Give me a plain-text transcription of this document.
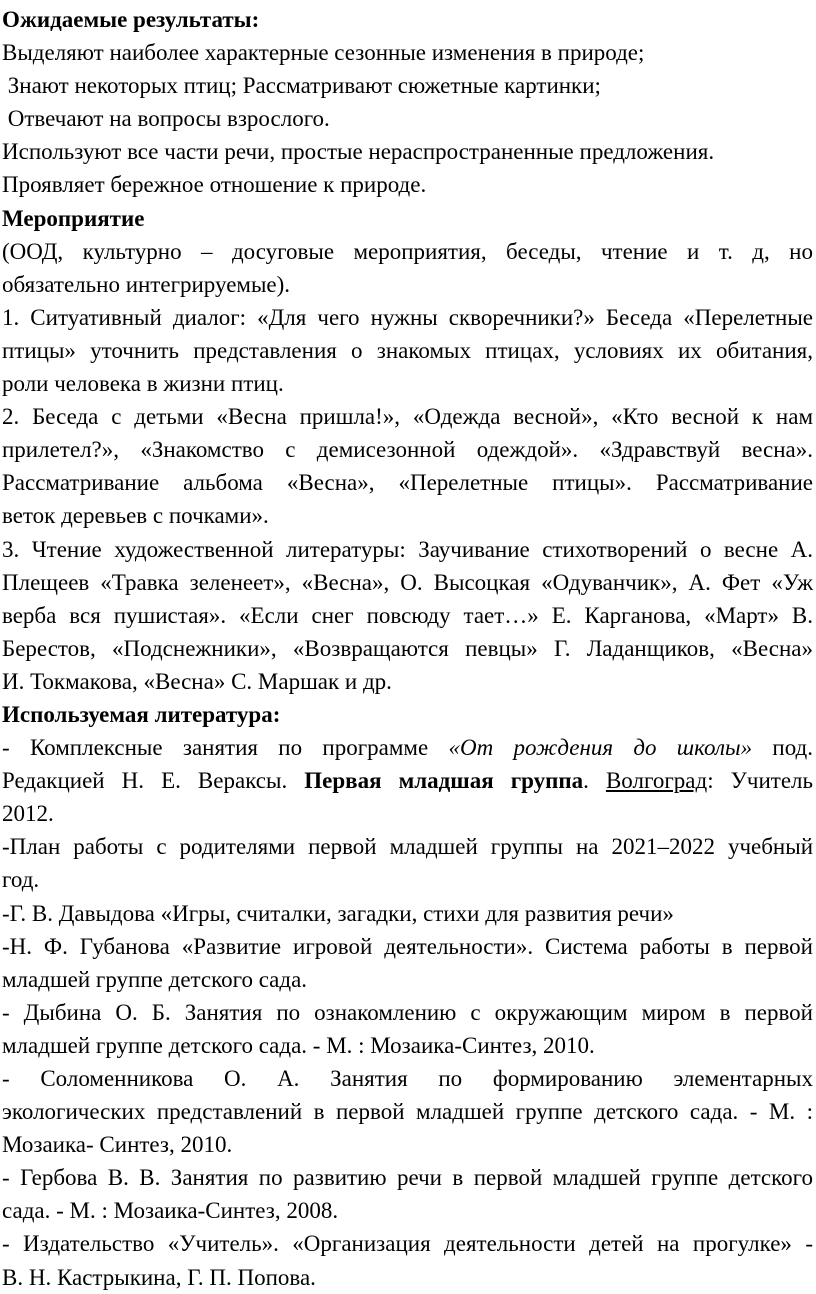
Ожидаемые результаты:
Выделяют наиболее характерные сезонные изменения в природе;
Знают некоторых птиц; Рассматривают сюжетные картинки;
Отвечают на вопросы взрослого.
Используют все части речи, простые нераспространенные предложения.
Проявляет бережное отношение к природе.
Мероприятие
(ООД, культурно – досуговые мероприятия, беседы, чтение и т. д, но
обязательно интегрируемые).
1. Ситуативный диалог: «Для чего нужны скворечники?» Беседа «Перелетные
птицы» уточнить представления о знакомых птицах, условиях их обитания,
роли человека в жизни птиц.
2. Беседа с детьми «Весна пришла!», «Одежда весной», «Кто весной к нам
прилетел?», «Знакомство с демисезонной одеждой». «Здравствуй весна».
Рассматривание альбома «Весна», «Перелетные птицы». Рассматривание
веток деревьев с почками».
3. Чтение художественной литературы: Заучивание стихотворений о весне А.
Плещеев «Травка зеленеет», «Весна», О. Высоцкая «Одуванчик», А. Фет «Уж
верба вся пушистая». «Если снег повсюду тает…» Е. Карганова, «Март» В.
Берестов, «Подснежники», «Возвращаются певцы» Г. Ладанщиков, «Весна»
И. Токмакова, «Весна» С. Маршак и др.
Используемая литература:
- Комплексные занятия по программе «От рождения до школы» под.
Редакцией Н. Е. Вераксы. Первая младшая группа. Волгоград: Учитель
2012.
-План работы с родителями первой младшей группы на 2021–2022 учебный
год.
-Г. В. Давыдова «Игры, считалки, загадки, стихи для развития речи»
-Н. Ф. Губанова «Развитие игровой деятельности». Система работы в первой
младшей группе детского сада.
- Дыбина О. Б. Занятия по ознакомлению с окружающим миром в первой
младшей группе детского сада. - М. : Мозаика-Синтез, 2010.
- Соломенникова О. А. Занятия по формированию элементарных
экологических представлений в первой младшей группе детского сада. - М. :
Мозаика- Синтез, 2010.
- Гербова В. В. Занятия по развитию речи в первой младшей группе детского
сада. - М. : Мозаика-Синтез, 2008.
- Издательство «Учитель». «Организация деятельности детей на прогулке» -
В. Н. Кастрыкина, Г. П. Попова.
